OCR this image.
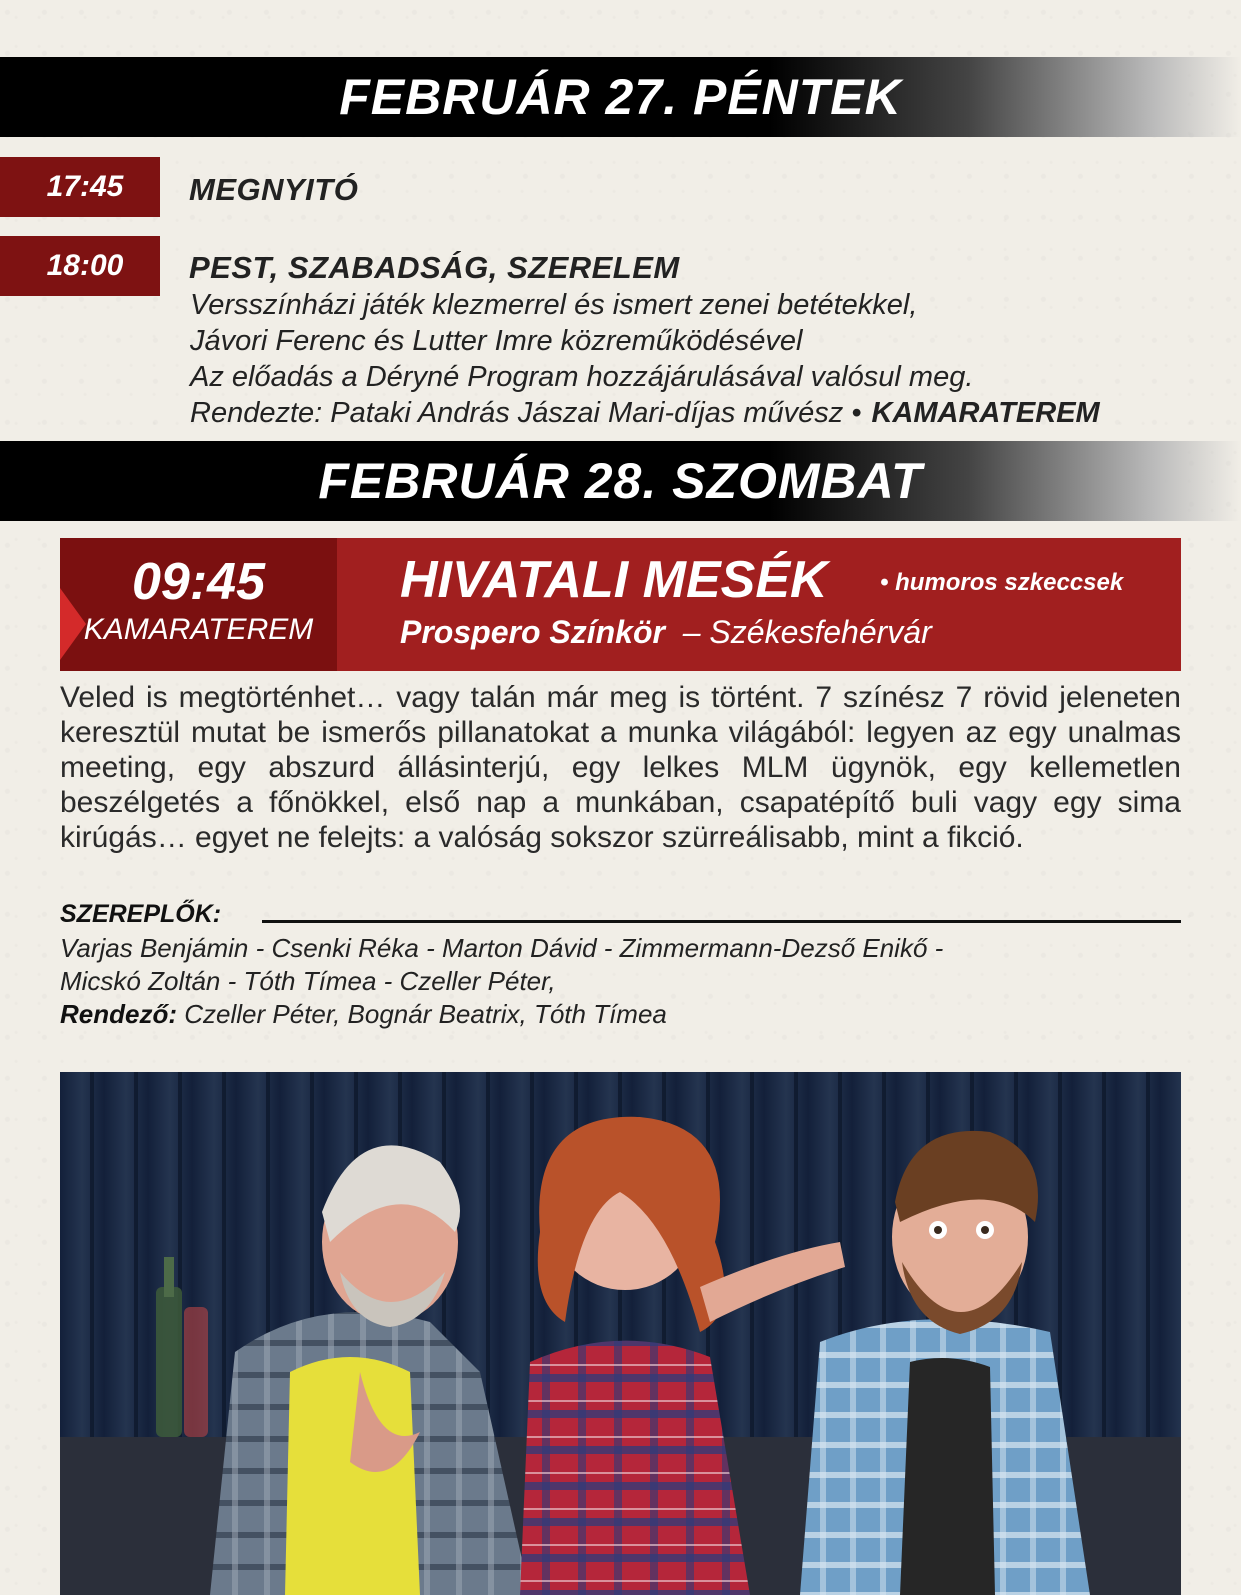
FEBRUÁR 27. PÉNTEK
17:45	MEGNYITÓ
18:00	PEST, SZABADSÁG, SZERELEM
Versszínházi játék klezmerrel és ismert zenei betétekkel,
Jávori Ferenc és Lutter Imre közreműködésével
Az előadás a Déryné Program hozzájárulásával valósul meg.
Rendezte: Pataki András Jászai Mari-díjas művész • KAMARATEREM
FEBRUÁR 28. SZOMBAT
09:45
KAMARATEREM
HIVATALI MESÉK • humoros szkeccsek
Prospero Színkör – Székesfehérvár
Veled is megtörténhet… vagy talán már meg is történt. 7 színész 7 rövid jeleneten keresztül mutat be ismerős pillanatokat a munka világából: legyen az egy unalmas meeting, egy abszurd állásinterjú, egy lelkes MLM ügynök, egy kellemetlen beszélgetés a főnökkel, első nap a munkában, csapatépítő buli vagy egy sima kirúgás… egyet ne felejts: a valóság sokszor szürreálisabb, mint a fikció.
SZEREPLŐK:
Varjas Benjámin - Csenki Réka - Marton Dávid - Zimmermann-Dezső Enikő -
Micskó Zoltán - Tóth Tímea - Czeller Péter,
Rendező: Czeller Péter, Bognár Beatrix, Tóth Tímea
